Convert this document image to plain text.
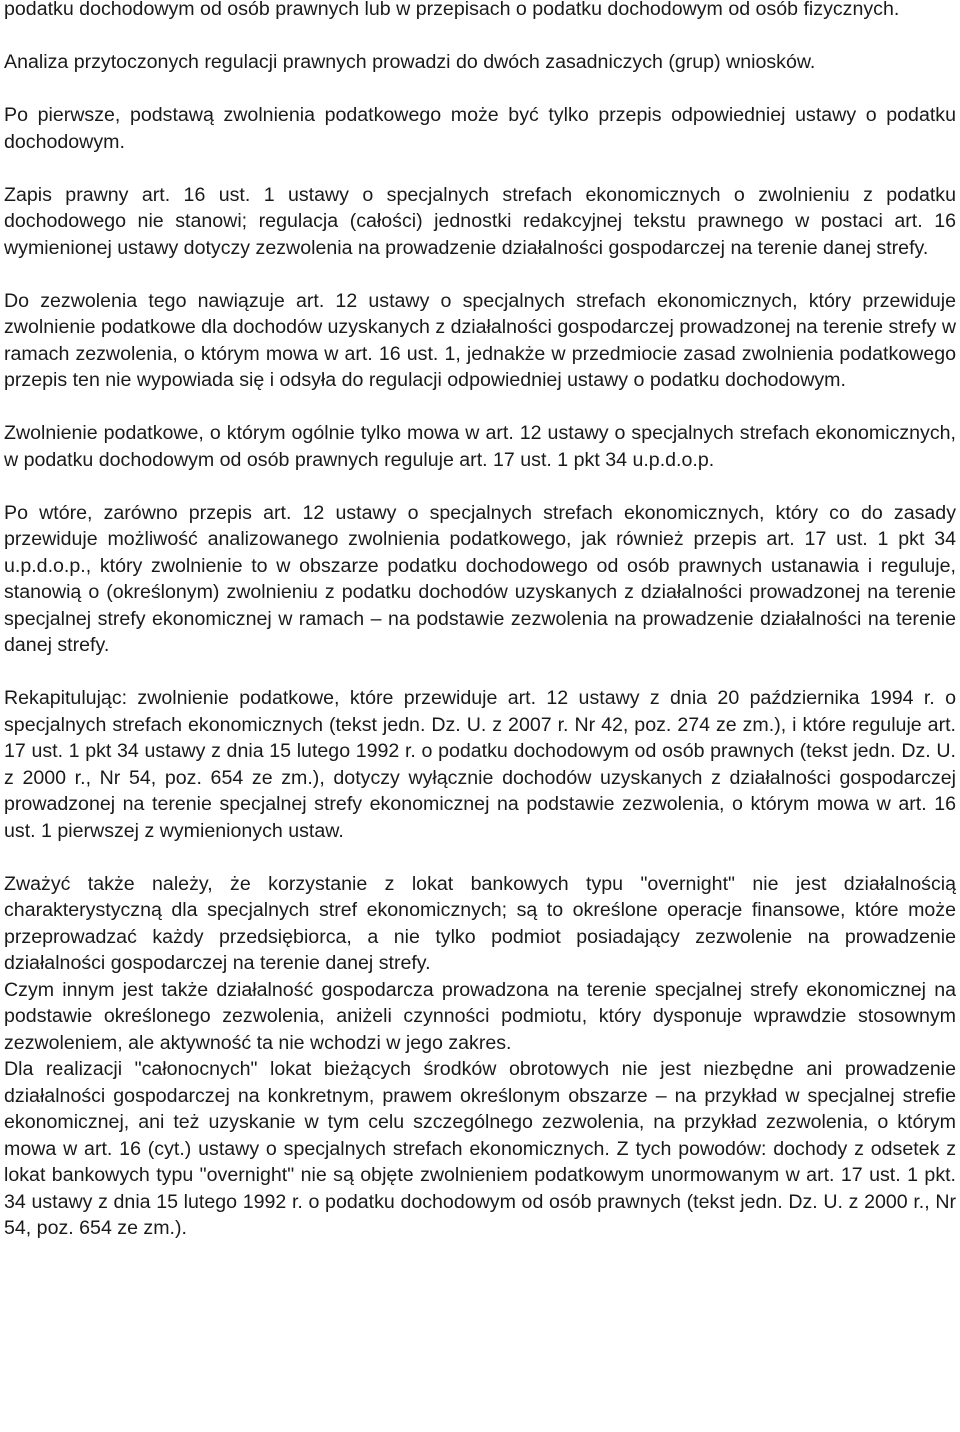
podatku dochodowym od osób prawnych lub w przepisach o podatku dochodowym od osób fizycznych.

Analiza przytoczonych regulacji prawnych prowadzi do dwóch zasadniczych (grup) wniosków.

Po pierwsze, podstawą zwolnienia podatkowego może być tylko przepis odpowiedniej ustawy o podatku dochodowym.

Zapis prawny art. 16 ust. 1 ustawy o specjalnych strefach ekonomicznych o zwolnieniu z podatku dochodowego nie stanowi; regulacja (całości) jednostki redakcyjnej tekstu prawnego w postaci art. 16 wymienionej ustawy dotyczy zezwolenia na prowadzenie działalności gospodarczej na terenie danej strefy.

Do zezwolenia tego nawiązuje art. 12 ustawy o specjalnych strefach ekonomicznych, który przewiduje zwolnienie podatkowe dla dochodów uzyskanych z działalności gospodarczej prowadzonej na terenie strefy w ramach zezwolenia, o którym mowa w art. 16 ust. 1, jednakże w przedmiocie zasad zwolnienia podatkowego przepis ten nie wypowiada się i odsyła do regulacji odpowiedniej ustawy o podatku dochodowym.

Zwolnienie podatkowe, o którym ogólnie tylko mowa w art. 12 ustawy o specjalnych strefach ekonomicznych, w podatku dochodowym od osób prawnych reguluje art. 17 ust. 1 pkt 34 u.p.d.o.p.

Po wtóre, zarówno przepis art. 12 ustawy o specjalnych strefach ekonomicznych, który co do zasady przewiduje możliwość analizowanego zwolnienia podatkowego, jak również przepis art. 17 ust. 1 pkt 34 u.p.d.o.p., który zwolnienie to w obszarze podatku dochodowego od osób prawnych ustanawia i reguluje, stanowią o (określonym) zwolnieniu z podatku dochodów uzyskanych z działalności prowadzonej na terenie specjalnej strefy ekonomicznej w ramach – na podstawie zezwolenia na prowadzenie działalności na terenie danej strefy.

Rekapitulując: zwolnienie podatkowe, które przewiduje art. 12 ustawy z dnia 20 października 1994 r. o specjalnych strefach ekonomicznych (tekst jedn. Dz. U. z 2007 r. Nr 42, poz. 274 ze zm.), i które reguluje art. 17 ust. 1 pkt 34 ustawy z dnia 15 lutego 1992 r. o podatku dochodowym od osób prawnych (tekst jedn. Dz. U. z 2000 r., Nr 54, poz. 654 ze zm.), dotyczy wyłącznie dochodów uzyskanych z działalności gospodarczej prowadzonej na terenie specjalnej strefy ekonomicznej na podstawie zezwolenia, o którym mowa w art. 16 ust. 1 pierwszej z wymienionych ustaw.

Zważyć także należy, że korzystanie z lokat bankowych typu "overnight" nie jest działalnością charakterystyczną dla specjalnych stref ekonomicznych; są to określone operacje finansowe, które może przeprowadzać każdy przedsiębiorca, a nie tylko podmiot posiadający zezwolenie na prowadzenie działalności gospodarczej na terenie danej strefy.

Czym innym jest także działalność gospodarcza prowadzona na terenie specjalnej strefy ekonomicznej na podstawie określonego zezwolenia, aniżeli czynności podmiotu, który dysponuje wprawdzie stosownym zezwoleniem, ale aktywność ta nie wchodzi w jego zakres.

Dla realizacji "całonocnych" lokat bieżących środków obrotowych nie jest niezbędne ani prowadzenie działalności gospodarczej na konkretnym, prawem określonym obszarze – na przykład w specjalnej strefie ekonomicznej, ani też uzyskanie w tym celu szczególnego zezwolenia, na przykład zezwolenia, o którym mowa w art. 16 (cyt.) ustawy o specjalnych strefach ekonomicznych. Z tych powodów: dochody z odsetek z lokat bankowych typu "overnight" nie są objęte zwolnieniem podatkowym unormowanym w art. 17 ust. 1 pkt. 34 ustawy z dnia 15 lutego 1992 r. o podatku dochodowym od osób prawnych (tekst jedn. Dz. U. z 2000 r., Nr 54, poz. 654 ze zm.).
